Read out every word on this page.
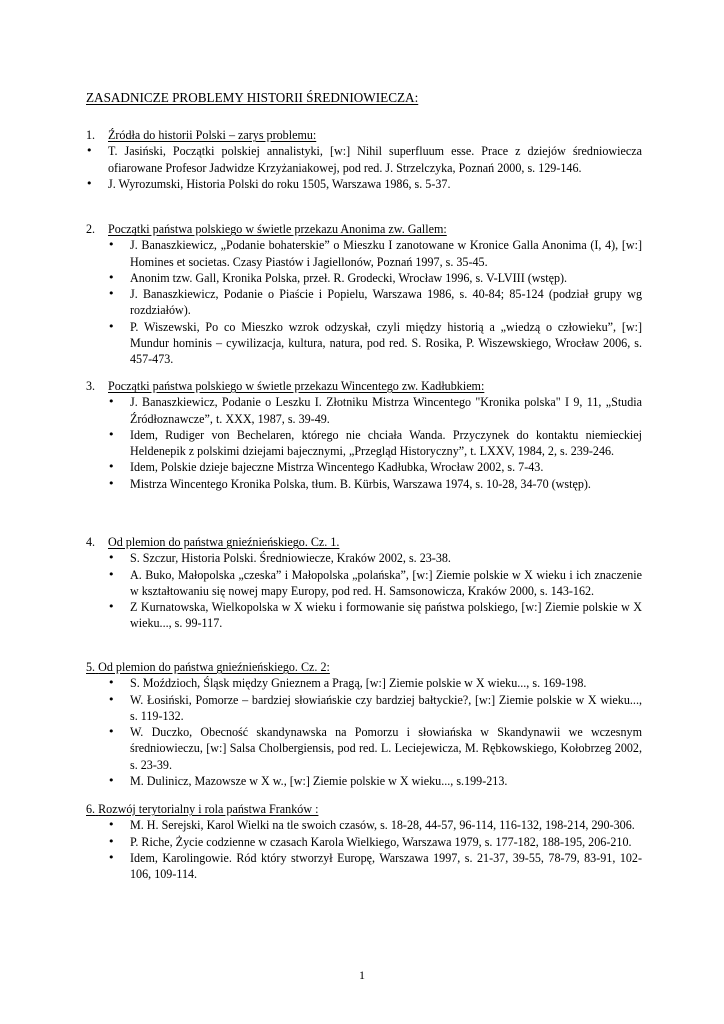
ZASADNICZE PROBLEMY HISTORII ŚREDNIOWIECZA:
1. Źródła do historii Polski – zarys problemu:
• T. Jasiński, Początki polskiej annalistyki, [w:] Nihil superfluum esse. Prace z dziejów średniowiecza ofiarowane Profesor Jadwidze Krzyżaniakowej, pod red. J. Strzelczyka, Poznań 2000, s. 129-146.
• J. Wyrozumski, Historia Polski do roku 1505, Warszawa 1986, s. 5-37.
2. Początki państwa polskiego w świetle przekazu Anonima zw. Gallem:
• J. Banaszkiewicz, „Podanie bohaterskie” o Mieszku I zanotowane w Kronice Galla Anonima (I, 4), [w:] Homines et societas. Czasy Piastów i Jagiellonów, Poznań 1997, s. 35-45.
• Anonim tzw. Gall, Kronika Polska, przeł. R. Grodecki, Wrocław 1996, s. V-LVIII (wstęp).
• J. Banaszkiewicz, Podanie o Piaście i Popielu, Warszawa 1986, s. 40-84; 85-124 (podział grupy wg rozdziałów).
• P. Wiszewski, Po co Mieszko wzrok odzyskał, czyli między historią a „wiedzą o człowieku”, [w:] Mundur hominis – cywilizacja, kultura, natura, pod red. S. Rosika, P. Wiszewskiego, Wrocław 2006, s. 457-473.
3. Początki państwa polskiego w świetle przekazu Wincentego zw. Kadłubkiem:
• J. Banaszkiewicz, Podanie o Leszku I. Złotniku Mistrza Wincentego "Kronika polska" I 9, 11, „Studia Źródłoznawcze”, t. XXX, 1987, s. 39-49.
• Idem, Rudiger von Bechelaren, którego nie chciała Wanda. Przyczynek do kontaktu niemieckiej Heldenepik z polskimi dziejami bajecznymi, „Przegląd Historyczny”, t. LXXV, 1984, 2, s. 239-246.
• Idem, Polskie dzieje bajeczne Mistrza Wincentego Kadłubka, Wrocław 2002, s. 7-43.
• Mistrza Wincentego Kronika Polska, tłum. B. Kürbis, Warszawa 1974, s. 10-28, 34-70 (wstęp).
4. Od plemion do państwa gnieźnieńskiego. Cz. 1.
• S. Szczur, Historia Polski. Średniowiecze, Kraków 2002, s. 23-38.
• A. Buko, Małopolska „czeska” i Małopolska „polańska”, [w:] Ziemie polskie w X wieku i ich znaczenie w kształtowaniu się nowej mapy Europy, pod red. H. Samsonowicza, Kraków 2000, s. 143-162.
• Z Kurnatowska, Wielkopolska w X wieku i formowanie się państwa polskiego, [w:] Ziemie polskie w X wieku..., s. 99-117.
5. Od plemion do państwa gnieźnieńskiego. Cz. 2:
• S. Moździoch, Śląsk między Gnieznem a Pragą, [w:] Ziemie polskie w X wieku..., s. 169-198.
• W. Łosiński, Pomorze – bardziej słowiańskie czy bardziej bałtyckie?, [w:] Ziemie polskie w X wieku..., s. 119-132.
• W. Duczko, Obecność skandynawska na Pomorzu i słowiańska w Skandynawii we wczesnym średniowieczu, [w:] Salsa Cholbergiensis, pod red. L. Leciejewicza, M. Rębkowskiego, Kołobrzeg 2002, s. 23-39.
• M. Dulinicz, Mazowsze w X w., [w:] Ziemie polskie w X wieku..., s.199-213.
6. Rozwój terytorialny i rola państwa Franków :
• M. H. Serejski, Karol Wielki na tle swoich czasów, s. 18-28, 44-57, 96-114, 116-132, 198-214, 290-306.
• P. Riche, Życie codzienne w czasach Karola Wielkiego, Warszawa 1979, s. 177-182, 188-195, 206-210.
• Idem, Karolingowie. Ród który stworzył Europę, Warszawa 1997, s. 21-37, 39-55, 78-79, 83-91, 102-106, 109-114.
1
